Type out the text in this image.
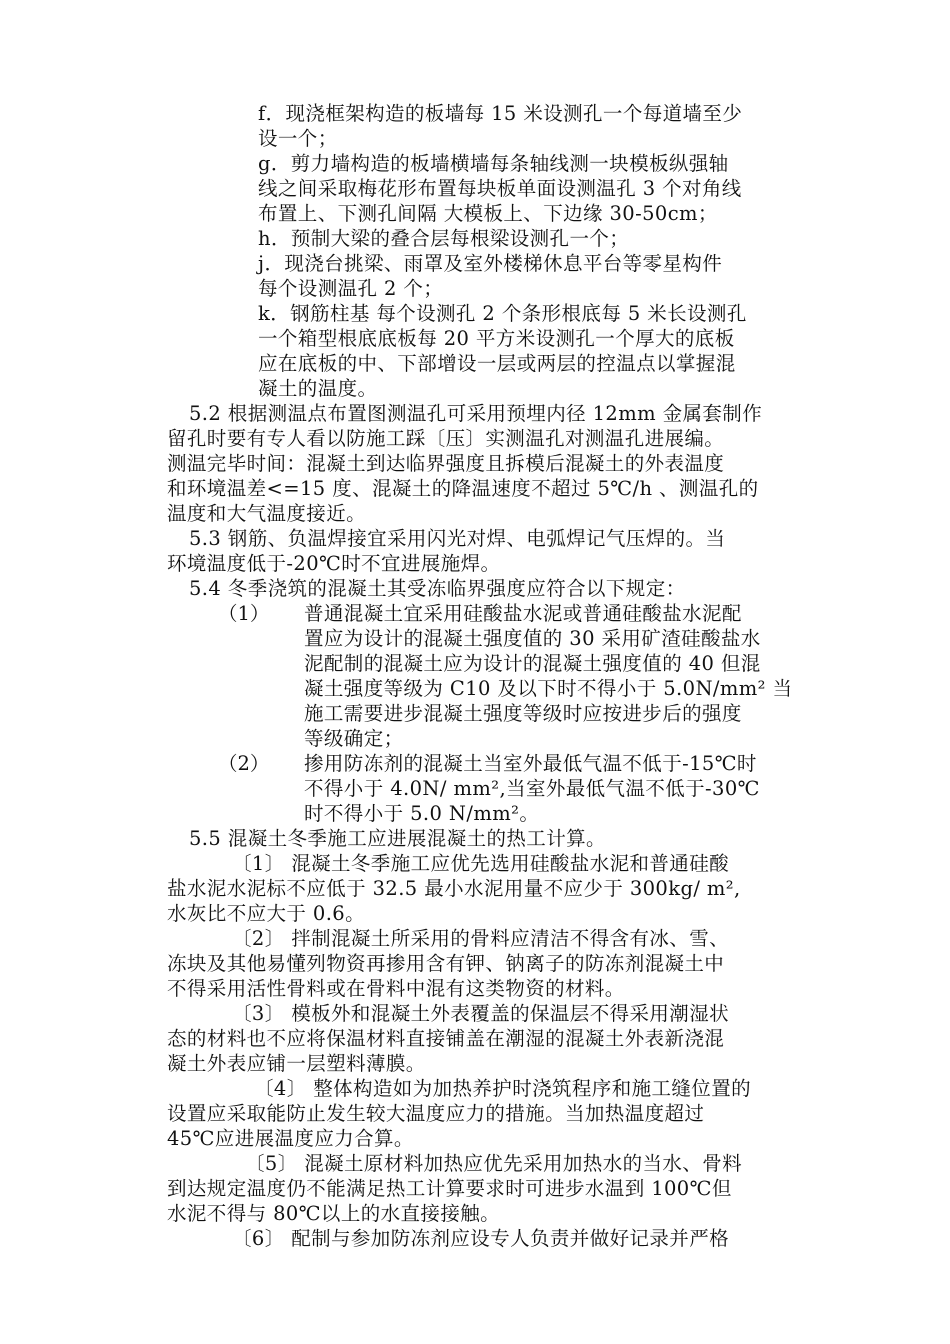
f．现浇框架构造的板墙每 15 米设测孔一个每道墙至少
设一个；
g．剪力墙构造的板墙横墙每条轴线测一块模板纵强轴
线之间采取梅花形布置每块板单面设测温孔 3 个对角线
布置上、下测孔间隔 大模板上、下边缘 30-50cm；
h．预制大梁的叠合层每根梁设测孔一个；
j．现浇台挑梁、雨罩及室外楼梯休息平台等零星构件
每个设测温孔 2 个；
k．钢筋柱基 每个设测孔 2 个条形根底每 5 米长设测孔
一个箱型根底底板每 20 平方米设测孔一个厚大的底板
应在底板的中、下部增设一层或两层的控温点以掌握混
凝土的温度。
5.2 根据测温点布置图测温孔可采用预埋内径 12mm 金属套制作
留孔时要有专人看以防施工踩〔压〕实测温孔对测温孔进展编。
测温完毕时间：混凝土到达临界强度且拆模后混凝土的外表温度
和环境温差<=15 度、混凝土的降温速度不超过 5℃/h 、测温孔的
温度和大气温度接近。
5.3 钢筋、负温焊接宜采用闪光对焊、电弧焊记气压焊的。当
环境温度低于-20℃时不宜进展施焊。
5.4 冬季浇筑的混凝土其受冻临界强度应符合以下规定：
（1） 普通混凝土宜采用硅酸盐水泥或普通硅酸盐水泥配
置应为设计的混凝土强度值的 30 采用矿渣硅酸盐水
泥配制的混凝土应为设计的混凝土强度值的 40 但混
凝土强度等级为 C10 及以下时不得小于 5.0N/mm² 当
施工需要进步混凝土强度等级时应按进步后的强度
等级确定；
（2） 掺用防冻剂的混凝土当室外最低气温不低于-15℃时
不得小于 4.0N/ mm²,当室外最低气温不低于-30℃
时不得小于 5.0 N/mm²。
5.5 混凝土冬季施工应进展混凝土的热工计算。
〔1〕 混凝土冬季施工应优先选用硅酸盐水泥和普通硅酸
盐水泥水泥标不应低于 32.5 最小水泥用量不应少于 300kg/ m²,
水灰比不应大于 0.6。
〔2〕 拌制混凝土所采用的骨料应清洁不得含有冰、雪、
冻块及其他易懂列物资再掺用含有钾、钠离子的防冻剂混凝土中
不得采用活性骨料或在骨料中混有这类物资的材料。
〔3〕 模板外和混凝土外表覆盖的保温层不得采用潮湿状
态的材料也不应将保温材料直接铺盖在潮湿的混凝土外表新浇混
凝土外表应铺一层塑料薄膜。
〔4〕 整体构造如为加热养护时浇筑程序和施工缝位置的
设置应采取能防止发生较大温度应力的措施。当加热温度超过
45℃应进展温度应力合算。
〔5〕 混凝土原材料加热应优先采用加热水的当水、骨料
到达规定温度仍不能满足热工计算要求时可进步水温到 100℃但
水泥不得与 80℃以上的水直接接触。
〔6〕 配制与参加防冻剂应设专人负责并做好记录并严格
